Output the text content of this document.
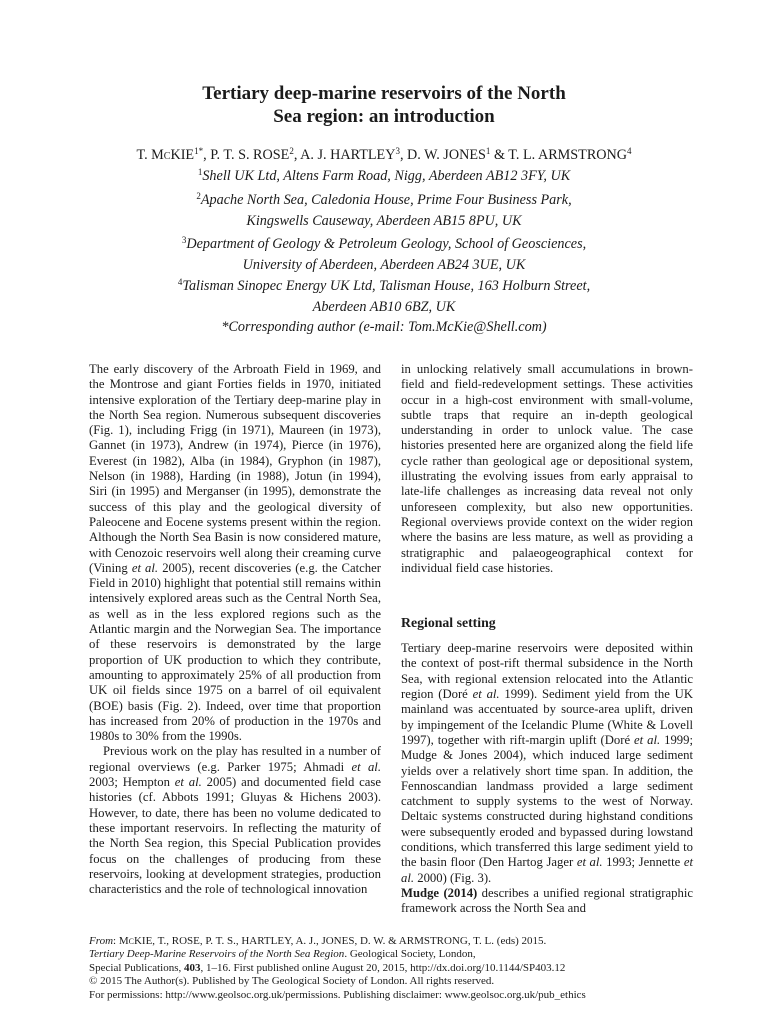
Tertiary deep-marine reservoirs of the North
Sea region: an introduction
T. McKIE$^{1*}$, P. T. S. ROSE$^2$, A. J. HARTLEY$^3$, D. W. JONES$^1$ & T. L. ARMSTRONG$^4$
$^1$Shell UK Ltd, Altens Farm Road, Nigg, Aberdeen AB12 3FY, UK
$^2$Apache North Sea, Caledonia House, Prime Four Business Park,
Kingswells Causeway, Aberdeen AB15 8PU, UK
$^3$Department of Geology & Petroleum Geology, School of Geosciences,
University of Aberdeen, Aberdeen AB24 3UE, UK
$^4$Talisman Sinopec Energy UK Ltd, Talisman House, 163 Holburn Street,
Aberdeen AB10 6BZ, UK
*Corresponding author (e-mail: Tom.McKie@Shell.com)

The early discovery of the Arbroath Field in 1969, and the Montrose and giant Forties fields in 1970, initiated intensive exploration of the Tertiary deep-marine play in the North Sea region. Numerous subsequent discoveries (Fig. 1), including Frigg (in 1971), Maureen (in 1973), Gannet (in 1973), Andrew (in 1974), Pierce (in 1976), Everest (in 1982), Alba (in 1984), Gryphon (in 1987), Nelson (in 1988), Harding (in 1988), Jotun (in 1994), Siri (in 1995) and Merganser (in 1995), demonstrate the success of this play and the geological diversity of Paleocene and Eocene systems present within the region. Although the North Sea Basin is now considered mature, with Cenozoic reservoirs well along their creaming curve (Vining et al. 2005), recent discoveries (e.g. the Catcher Field in 2010) highlight that potential still remains within intensively explored areas such as the Central North Sea, as well as in the less explored regions such as the Atlantic margin and the Norwegian Sea. The importance of these reservoirs is demonstrated by the large proportion of UK production to which they contribute, amounting to approximately 25% of all production from UK oil fields since 1975 on a barrel of oil equivalent (BOE) basis (Fig. 2). Indeed, over time that proportion has increased from 20% of production in the 1970s and 1980s to 30% from the 1990s.

Previous work on the play has resulted in a number of regional overviews (e.g. Parker 1975; Ahmadi et al. 2003; Hempton et al. 2005) and documented field case histories (cf. Abbots 1991; Gluyas & Hichens 2003). However, to date, there has been no volume dedicated to these important reservoirs. In reflecting the maturity of the North Sea region, this Special Publication provides focus on the challenges of producing from these reservoirs, looking at development strategies, production characteristics and the role of technological innovation

in unlocking relatively small accumulations in brown-field and field-redevelopment settings. These activities occur in a high-cost environment with small-volume, subtle traps that require an in-depth geological understanding in order to unlock value. The case histories presented here are organized along the field life cycle rather than geological age or depositional system, illustrating the evolving issues from early appraisal to late-life challenges as increasing data reveal not only unforeseen complexity, but also new opportunities. Regional overviews provide context on the wider region where the basins are less mature, as well as providing a stratigraphic and palaeogeographical context for individual field case histories.

Regional setting

Tertiary deep-marine reservoirs were deposited within the context of post-rift thermal subsidence in the North Sea, with regional extension relocated into the Atlantic region (Doré et al. 1999). Sediment yield from the UK mainland was accentuated by source-area uplift, driven by impingement of the Icelandic Plume (White & Lovell 1997), together with rift-margin uplift (Doré et al. 1999; Mudge & Jones 2004), which induced large sediment yields over a relatively short time span. In addition, the Fennoscandian landmass provided a large sediment catchment to supply systems to the west of Norway. Deltaic systems constructed during highstand conditions were subsequently eroded and bypassed during lowstand conditions, which transferred this large sediment yield to the basin floor (Den Hartog Jager et al. 1993; Jennette et al. 2000) (Fig. 3).
Mudge (2014) describes a unified regional stratigraphic framework across the North Sea and

From: McKIE, T., ROSE, P. T. S., HARTLEY, A. J., JONES, D. W. & ARMSTRONG, T. L. (eds) 2015.
Tertiary Deep-Marine Reservoirs of the North Sea Region. Geological Society, London,
Special Publications, 403, 1–16. First published online August 20, 2015, http://dx.doi.org/10.1144/SP403.12
© 2015 The Author(s). Published by The Geological Society of London. All rights reserved.
For permissions: http://www.geolsoc.org.uk/permissions. Publishing disclaimer: www.geolsoc.org.uk/pub_ethics
